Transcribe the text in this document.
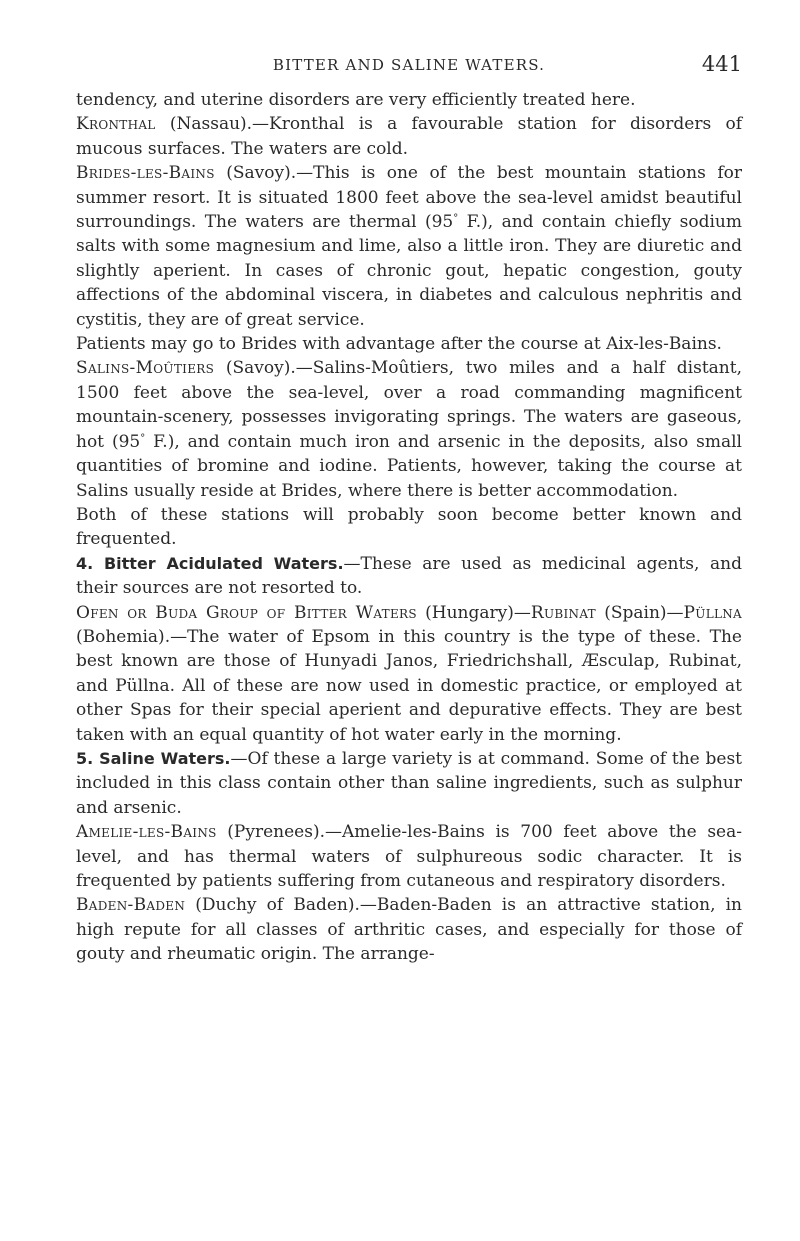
BITTER AND SALINE WATERS.	441

tendency, and uterine disorders are very efficiently treated here.

Kronthal (Nassau).—Kronthal is a favourable station for disorders of mucous surfaces. The waters are cold.

Brides-les-Bains (Savoy).—This is one of the best mountain stations for summer resort. It is situated 1800 feet above the sea-level amidst beautiful surroundings. The waters are thermal (95° F.), and contain chiefly sodium salts with some magnesium and lime, also a little iron. They are diuretic and slightly aperient. In cases of chronic gout, hepatic congestion, gouty affections of the abdominal viscera, in diabetes and calculous nephritis and cystitis, they are of great service.

Patients may go to Brides with advantage after the course at Aix-les-Bains.

Salins-Moûtiers (Savoy).—Salins-Moûtiers, two miles and a half distant, 1500 feet above the sea-level, over a road commanding magnificent mountain-scenery, possesses invigorating springs. The waters are gaseous, hot (95° F.), and contain much iron and arsenic in the deposits, also small quantities of bromine and iodine. Patients, however, taking the course at Salins usually reside at Brides, where there is better accommodation.

Both of these stations will probably soon become better known and frequented.

4. Bitter Acidulated Waters.—These are used as medicinal agents, and their sources are not resorted to.

Ofen or Buda Group of Bitter Waters (Hungary)—Rubinat (Spain)—Püllna (Bohemia).—The water of Epsom in this country is the type of these. The best known are those of Hunyadi Janos, Friedrichshall, Æsculap, Rubinat, and Püllna. All of these are now used in domestic practice, or employed at other Spas for their special aperient and depurative effects. They are best taken with an equal quantity of hot water early in the morning.

5. Saline Waters.—Of these a large variety is at command. Some of the best included in this class contain other than saline ingredients, such as sulphur and arsenic.

Amelie-les-Bains (Pyrenees).—Amelie-les-Bains is 700 feet above the sea-level, and has thermal waters of sulphureous sodic character. It is frequented by patients suffering from cutaneous and respiratory disorders.

Baden-Baden (Duchy of Baden).—Baden-Baden is an attractive station, in high repute for all classes of arthritic cases, and especially for those of gouty and rheumatic origin. The arrange-
